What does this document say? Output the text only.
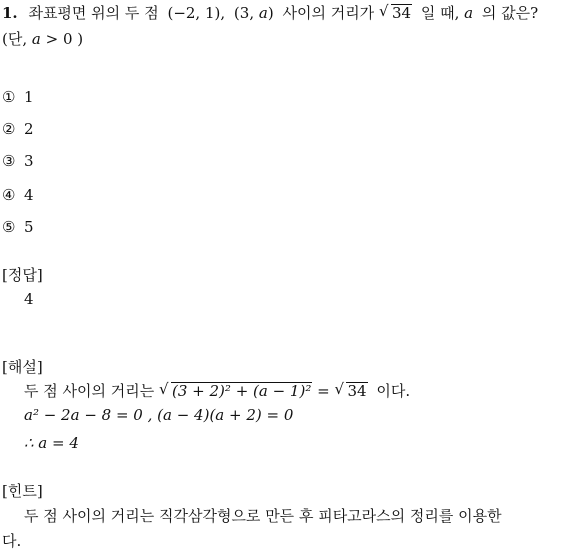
1. 좌표평면 위의 두 점 (−2, 1), (3, a) 사이의 거리가 √ 34 일 때, a 의 값은?
(단, a > 0 )
① 1
② 2
③ 3
④ 4
⑤ 5
[정답]
4
[해설]
두 점 사이의 거리는 √ (3 + 2)² + (a − 1)² = √ 34 이다.
a² − 2a − 8 = 0 , (a − 4)(a + 2) = 0
∴ a = 4
[힌트]
두 점 사이의 거리는 직각삼각형으로 만든 후 피타고라스의 정리를 이용한
다.
